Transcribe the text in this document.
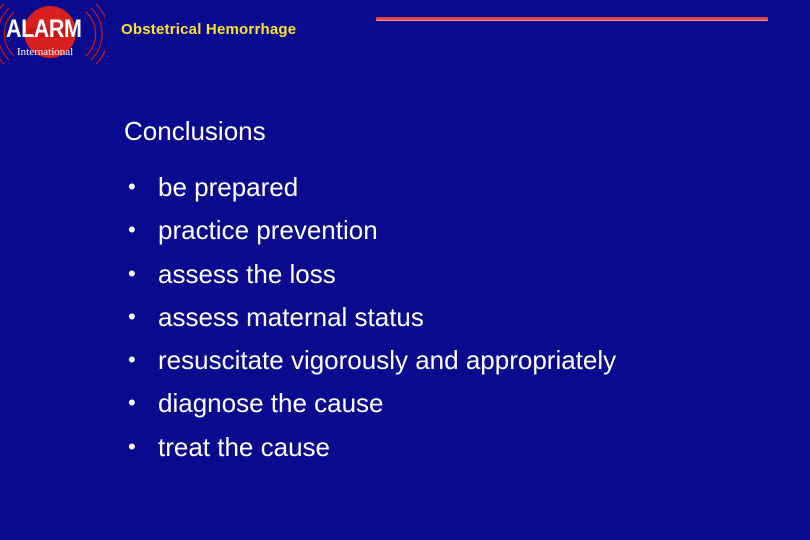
ALARM
International
Obstetrical Hemorrhage
Conclusions
• be prepared
• practice prevention
• assess the loss
• assess maternal status
• resuscitate vigorously and appropriately
• diagnose the cause
• treat the cause
